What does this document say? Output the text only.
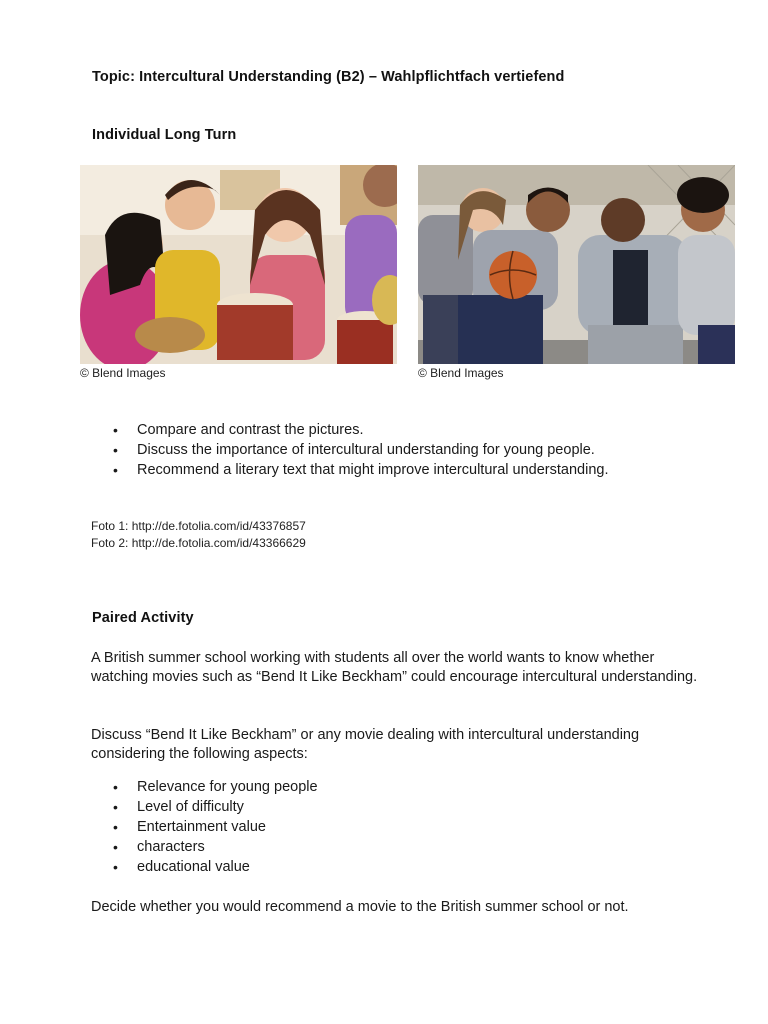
Topic: Intercultural Understanding (B2) – Wahlpflichtfach vertiefend
Individual Long Turn
© Blend Images	© Blend Images
• Compare and contrast the pictures.
• Discuss the importance of intercultural understanding for young people.
• Recommend a literary text that might improve intercultural understanding.
Foto 1: http://de.fotolia.com/id/43376857
Foto 2: http://de.fotolia.com/id/43366629
Paired Activity
A British summer school working with students all over the world wants to know whether watching movies such as “Bend It Like Beckham” could encourage intercultural understanding.
Discuss “Bend It Like Beckham” or any movie dealing with intercultural understanding considering the following aspects:
• Relevance for young people
• Level of difficulty
• Entertainment value
• characters
• educational value
Decide whether you would recommend a movie to the British summer school or not.
